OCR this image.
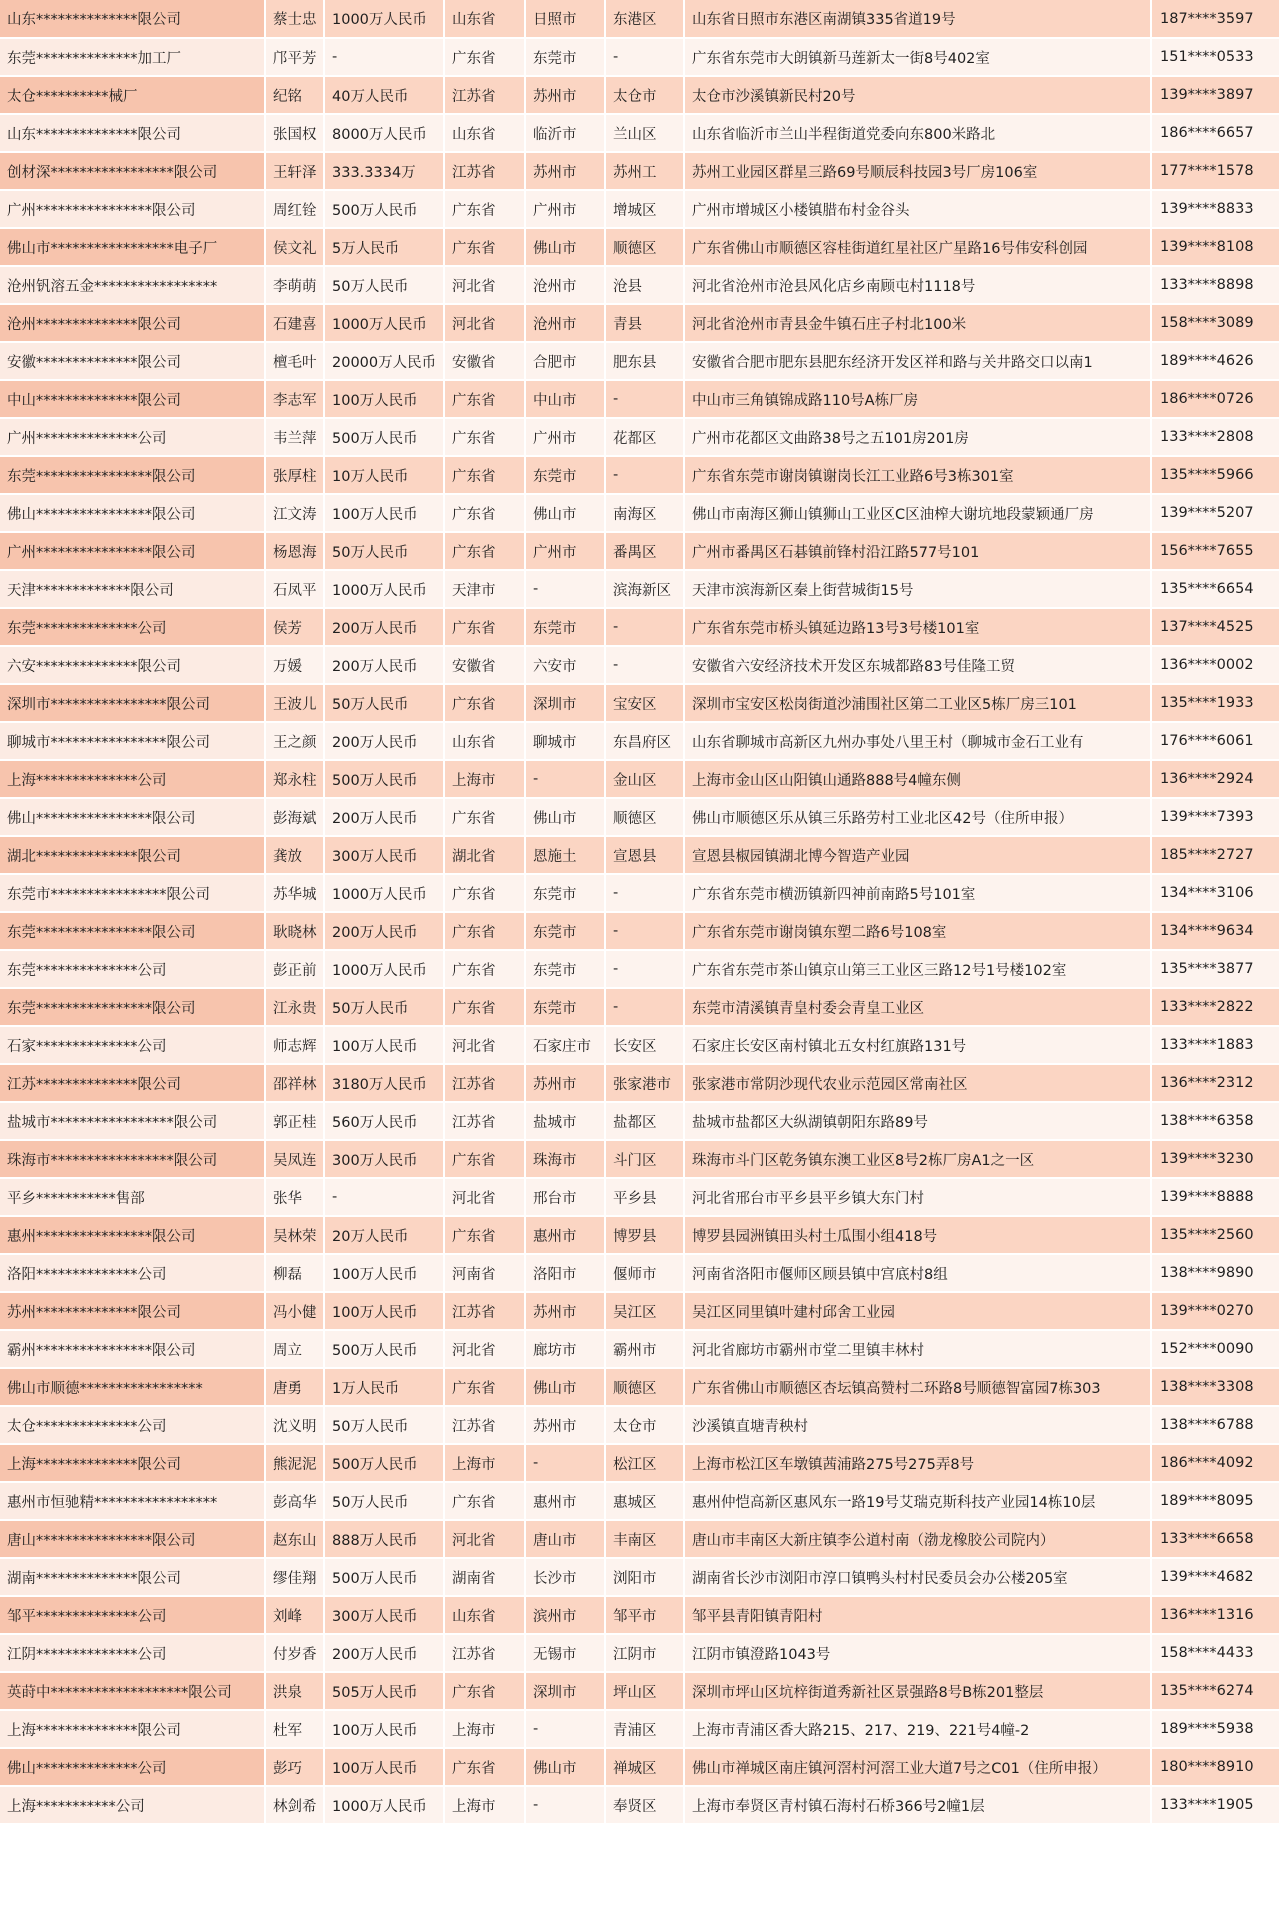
山东**************限公司	蔡士忠	1000万人民币	山东省	日照市	东港区	山东省日照市东港区南湖镇335省道19号	187****3597
东莞**************加工厂	邝平芳	-	广东省	东莞市	-	广东省东莞市大朗镇新马莲新太一街8号402室	151****0533
太仓**********械厂	纪铭	40万人民币	江苏省	苏州市	太仓市	太仓市沙溪镇新民村20号	139****3897
山东**************限公司	张国权	8000万人民币	山东省	临沂市	兰山区	山东省临沂市兰山半程街道党委向东800米路北	186****6657
创材深*****************限公司	王轩泽	333.3334万	江苏省	苏州市	苏州工	苏州工业园区群星三路69号顺辰科技园3号厂房106室	177****1578
广州****************限公司	周红铨	500万人民币	广东省	广州市	增城区	广州市增城区小楼镇腊布村金谷头	139****8833
佛山市*****************电子厂	侯文礼	5万人民币	广东省	佛山市	顺德区	广东省佛山市顺德区容桂街道红星社区广星路16号伟安科创园	139****8108
沧州钒溶五金*****************	李萌萌	50万人民币	河北省	沧州市	沧县	河北省沧州市沧县风化店乡南顾屯村1118号	133****8898
沧州**************限公司	石建喜	1000万人民币	河北省	沧州市	青县	河北省沧州市青县金牛镇石庄子村北100米	158****3089
安徽**************限公司	檀毛叶	20000万人民币	安徽省	合肥市	肥东县	安徽省合肥市肥东县肥东经济开发区祥和路与关井路交口以南1	189****4626
中山**************限公司	李志军	100万人民币	广东省	中山市	-	中山市三角镇锦成路110号A栋厂房	186****0726
广州**************公司	韦兰萍	500万人民币	广东省	广州市	花都区	广州市花都区文曲路38号之五101房201房	133****2808
东莞****************限公司	张厚柱	10万人民币	广东省	东莞市	-	广东省东莞市谢岗镇谢岗长江工业路6号3栋301室	135****5966
佛山****************限公司	江文涛	100万人民币	广东省	佛山市	南海区	佛山市南海区狮山镇狮山工业区C区油榨大谢坑地段蒙颖通厂房	139****5207
广州****************限公司	杨恩海	50万人民币	广东省	广州市	番禺区	广州市番禺区石碁镇前锋村沿江路577号101	156****7655
天津*************限公司	石凤平	1000万人民币	天津市	-	滨海新区	天津市滨海新区秦上街营城街15号	135****6654
东莞**************公司	侯芳	200万人民币	广东省	东莞市	-	广东省东莞市桥头镇延边路13号3号楼101室	137****4525
六安**************限公司	万媛	200万人民币	安徽省	六安市	-	安徽省六安经济技术开发区东城都路83号佳隆工贸	136****0002
深圳市****************限公司	王波儿	50万人民币	广东省	深圳市	宝安区	深圳市宝安区松岗街道沙浦围社区第二工业区5栋厂房三101	135****1933
聊城市****************限公司	王之颜	200万人民币	山东省	聊城市	东昌府区	山东省聊城市高新区九州办事处八里王村（聊城市金石工业有	176****6061
上海**************公司	郑永柱	500万人民币	上海市	-	金山区	上海市金山区山阳镇山通路888号4幢东侧	136****2924
佛山****************限公司	彭海斌	200万人民币	广东省	佛山市	顺德区	佛山市顺德区乐从镇三乐路劳村工业北区42号（住所申报）	139****7393
湖北**************限公司	龚放	300万人民币	湖北省	恩施土	宣恩县	宣恩县椒园镇湖北博今智造产业园	185****2727
东莞市****************限公司	苏华城	1000万人民币	广东省	东莞市	-	广东省东莞市横沥镇新四神前南路5号101室	134****3106
东莞****************限公司	耿晓林	200万人民币	广东省	东莞市	-	广东省东莞市谢岗镇东塑二路6号108室	134****9634
东莞**************公司	彭正前	1000万人民币	广东省	东莞市	-	广东省东莞市茶山镇京山第三工业区三路12号1号楼102室	135****3877
东莞****************限公司	江永贵	50万人民币	广东省	东莞市	-	东莞市清溪镇青皇村委会青皇工业区	133****2822
石家**************公司	师志辉	100万人民币	河北省	石家庄市	长安区	石家庄长安区南村镇北五女村红旗路131号	133****1883
江苏**************限公司	邵祥林	3180万人民币	江苏省	苏州市	张家港市	张家港市常阴沙现代农业示范园区常南社区	136****2312
盐城市*****************限公司	郭正桂	560万人民币	江苏省	盐城市	盐都区	盐城市盐都区大纵湖镇朝阳东路89号	138****6358
珠海市*****************限公司	吴凤连	300万人民币	广东省	珠海市	斗门区	珠海市斗门区乾务镇东澳工业区8号2栋厂房A1之一区	139****3230
平乡***********售部	张华	-	河北省	邢台市	平乡县	河北省邢台市平乡县平乡镇大东门村	139****8888
惠州****************限公司	吴林荣	20万人民币	广东省	惠州市	博罗县	博罗县园洲镇田头村土瓜围小组418号	135****2560
洛阳**************公司	柳磊	100万人民币	河南省	洛阳市	偃师市	河南省洛阳市偃师区顾县镇中宫底村8组	138****9890
苏州**************限公司	冯小健	100万人民币	江苏省	苏州市	吴江区	吴江区同里镇叶建村邱舍工业园	139****0270
霸州****************限公司	周立	500万人民币	河北省	廊坊市	霸州市	河北省廊坊市霸州市堂二里镇丰林村	152****0090
佛山市顺德*****************	唐勇	1万人民币	广东省	佛山市	顺德区	广东省佛山市顺德区杏坛镇高赞村二环路8号顺德智富园7栋303	138****3308
太仓**************公司	沈义明	50万人民币	江苏省	苏州市	太仓市	沙溪镇直塘青秧村	138****6788
上海**************限公司	熊泥泥	500万人民币	上海市	-	松江区	上海市松江区车墩镇茜浦路275号275弄8号	186****4092
惠州市恒驰精*****************	彭高华	50万人民币	广东省	惠州市	惠城区	惠州仲恺高新区惠风东一路19号艾瑞克斯科技产业园14栋10层	189****8095
唐山****************限公司	赵东山	888万人民币	河北省	唐山市	丰南区	唐山市丰南区大新庄镇李公道村南（渤龙橡胶公司院内）	133****6658
湖南**************限公司	缪佳翔	500万人民币	湖南省	长沙市	浏阳市	湖南省长沙市浏阳市淳口镇鸭头村村民委员会办公楼205室	139****4682
邹平**************公司	刘峰	300万人民币	山东省	滨州市	邹平市	邹平县青阳镇青阳村	136****1316
江阴**************公司	付岁香	200万人民币	江苏省	无锡市	江阴市	江阴市镇澄路1043号	158****4433
英莳中*******************限公司	洪泉	505万人民币	广东省	深圳市	坪山区	深圳市坪山区坑梓街道秀新社区景强路8号B栋201整层	135****6274
上海**************限公司	杜军	100万人民币	上海市	-	青浦区	上海市青浦区香大路215、217、219、221号4幢-2	189****5938
佛山**************公司	彭巧	100万人民币	广东省	佛山市	禅城区	佛山市禅城区南庄镇河滘村河滘工业大道7号之C01（住所申报）	180****8910
上海***********公司	林剑希	1000万人民币	上海市	-	奉贤区	上海市奉贤区青村镇石海村石桥366号2幢1层	133****1905
